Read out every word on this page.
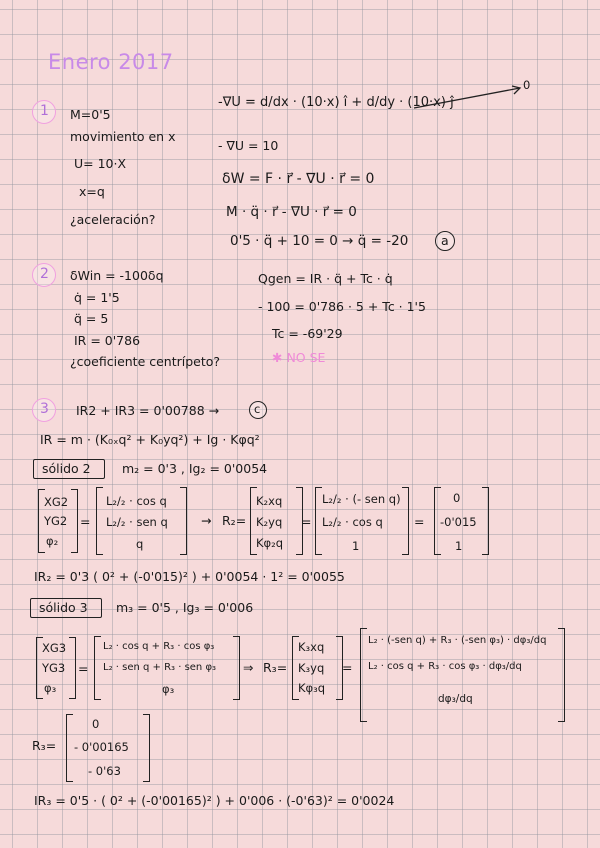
Enero 2017
1 M=0'5
movimiento en x
U= 10·X
x=q
¿aceleración?
-∇U = d/dx · (10·x) î + d/dy · (10·x) ĵ
0
- ∇U = 10
δW = F · r⃗ - ∇U · r⃗ = 0
M · q̈ · r⃗ - ∇U · r⃗ = 0
0'5 · q̈ + 10 = 0 → q̈ = -20	a
2 δWin = -100δq
q̇ = 1'5
q̈ = 5
IR = 0'786
¿coeficiente centrípeto?
Qgen = IR · q̈ + Tc · q̇
- 100 = 0'786 · 5 + Tc · 1'5
Tc = -69'29
✱ NO SE
3 IR2 + IR3 = 0'00788 →	c
IR = m · (K₀ₓq² + K₀yq²) + Ig · Kφq²
sólido 2	m₂ = 0'3 , Ig₂ = 0'0054
XG2
YG2
φ₂
=
L₂/₂ · cos q
L₂/₂ · sen q
q
→ R₂=
K₂xq
K₂yq
Kφ₂q
=
L₂/₂ · (- sen q)
L₂/₂ · cos q
1
=
0
-0'015
1
IR₂ = 0'3 ( 0² + (-0'015)² ) + 0'0054 · 1² = 0'0055
sólido 3 m₃ = 0'5 , Ig₃ = 0'006
XG3
YG3
φ₃
=
L₂ · cos q + R₃ · cos φ₃
L₂ · sen q + R₃ · sen φ₃
φ₃
⇒ R₃=
K₃xq
K₃yq
Kφ₃q
=
L₂ · (-sen q) + R₃ · (-sen φ₃) · dφ₃/dq
L₂ · cos q + R₃ · cos φ₃ · dφ₃/dq
dφ₃/dq
R₃=
0
- 0'00165
- 0'63
IR₃ = 0'5 · ( 0² + (-0'00165)² ) + 0'006 · (-0'63)² = 0'0024
